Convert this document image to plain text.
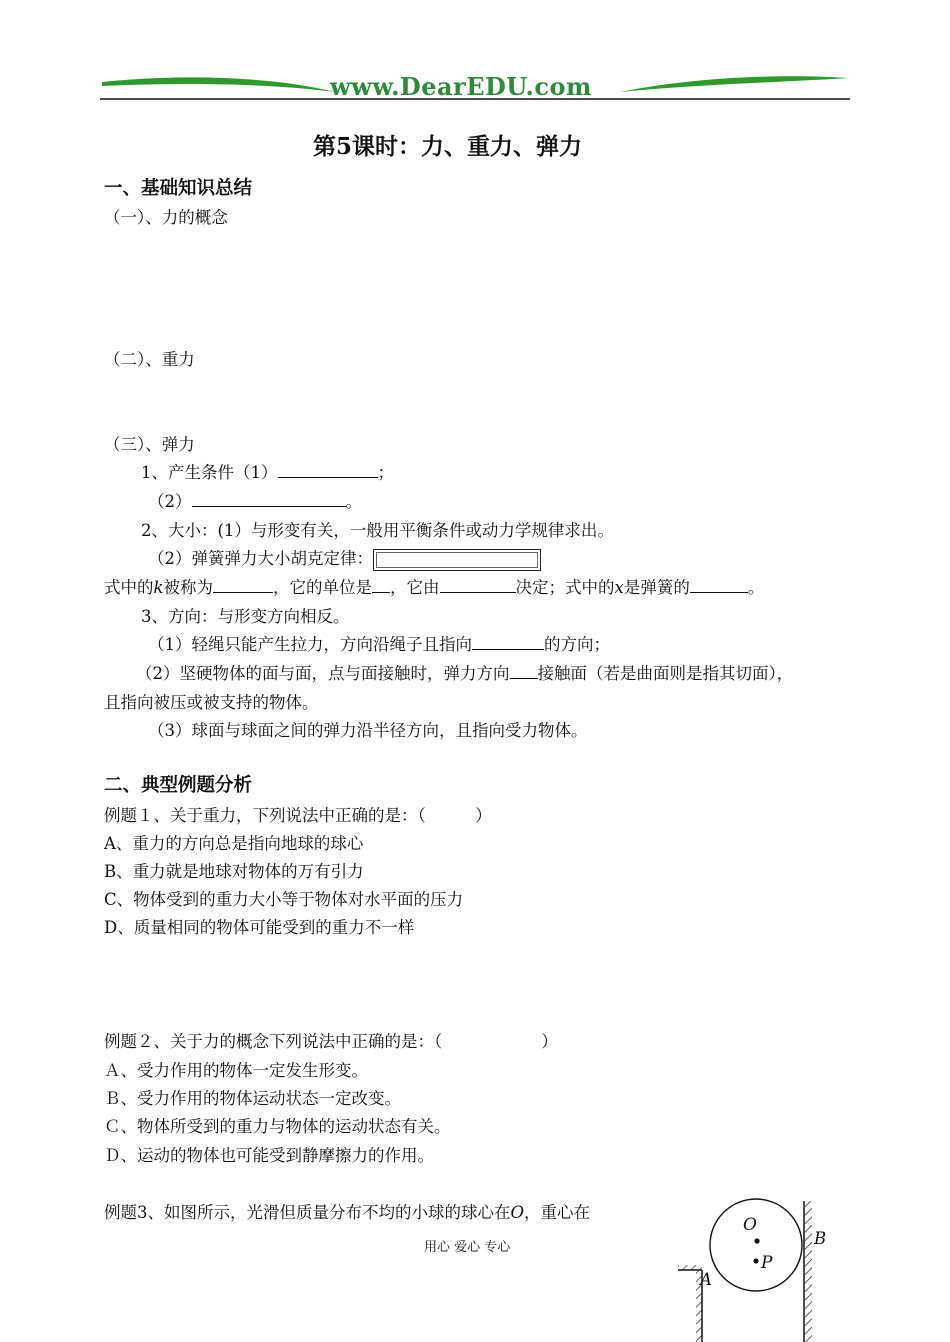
www.DearEDU.com
第5课时：力、重力、弹力
一、基础知识总结
（一）、力的概念
（二）、重力
（三）、弹力
1、产生条件（1）	；
（2）	。
2、大小：(1）与形变有关，一般用平衡条件或动力学规律求出。
（2）弹簧弹力大小胡克定律：
式中的k被称为	，它的单位是 ，它由	决定；式中的x是弹簧的	。
3、方向：与形变方向相反。
（1）轻绳只能产生拉力，方向沿绳子且指向	的方向；
（2）坚硬物体的面与面，点与面接触时，弹力方向 接触面（若是曲面则是指其切面），
且指向被压或被支持的物体。
（3）球面与球面之间的弹力沿半径方向，且指向受力物体。
二、典型例题分析
例题１、关于重力，下列说法中正确的是：（　　　）
A、重力的方向总是指向地球的球心
B、重力就是地球对物体的万有引力
C、物体受到的重力大小等于物体对水平面的压力
D、质量相同的物体可能受到的重力不一样
例题２、关于力的概念下列说法中正确的是：（　　　　　　）
Ａ、受力作用的物体一定发生形变。
Ｂ、受力作用的物体运动状态一定改变。
Ｃ、物体所受到的重力与物体的运动状态有关。
Ｄ、运动的物体也可能受到静摩擦力的作用。
例题3、如图所示，光滑但质量分布不均的小球的球心在O，重心在
O
P
A
B
用心 爱心 专心
